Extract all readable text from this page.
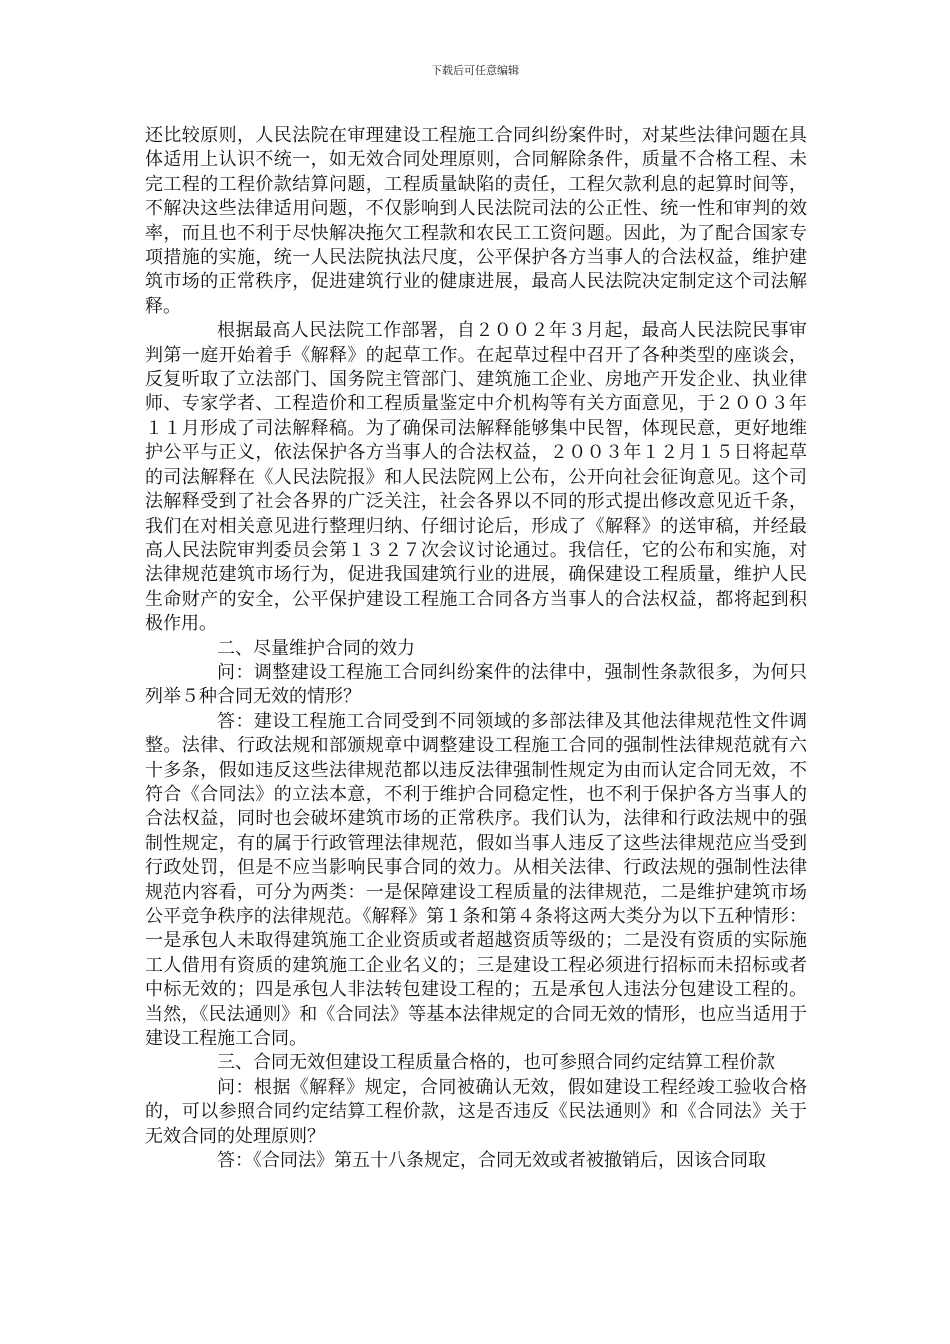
下载后可任意编辑

还比较原则，人民法院在审理建设工程施工合同纠纷案件时，对某些法律问题在具体适用上认识不统一，如无效合同处理原则，合同解除条件，质量不合格工程、未完工程的工程价款结算问题，工程质量缺陷的责任，工程欠款利息的起算时间等，不解决这些法律适用问题，不仅影响到人民法院司法的公正性、统一性和审判的效率，而且也不利于尽快解决拖欠工程款和农民工工资问题。因此，为了配合国家专项措施的实施，统一人民法院执法尺度，公平保护各方当事人的合法权益，维护建筑市场的正常秩序，促进建筑行业的健康进展，最高人民法院决定制定这个司法解释。

根据最高人民法院工作部署，自２００２年３月起，最高人民法院民事审判第一庭开始着手《解释》的起草工作。在起草过程中召开了各种类型的座谈会，反复听取了立法部门、国务院主管部门、建筑施工企业、房地产开发企业、执业律师、专家学者、工程造价和工程质量鉴定中介机构等有关方面意见，于２００３年１１月形成了司法解释稿。为了确保司法解释能够集中民智，体现民意，更好地维护公平与正义，依法保护各方当事人的合法权益，２００３年１２月１５日将起草的司法解释在《人民法院报》和人民法院网上公布，公开向社会征询意见。这个司法解释受到了社会各界的广泛关注，社会各界以不同的形式提出修改意见近千条，我们在对相关意见进行整理归纳、仔细讨论后，形成了《解释》的送审稿，并经最高人民法院审判委员会第１３２７次会议讨论通过。我信任，它的公布和实施，对法律规范建筑市场行为，促进我国建筑行业的进展，确保建设工程质量，维护人民生命财产的安全，公平保护建设工程施工合同各方当事人的合法权益，都将起到积极作用。

二、尽量维护合同的效力

问：调整建设工程施工合同纠纷案件的法律中，强制性条款很多，为何只列举５种合同无效的情形？

答：建设工程施工合同受到不同领域的多部法律及其他法律规范性文件调整。法律、行政法规和部颁规章中调整建设工程施工合同的强制性法律规范就有六十多条，假如违反这些法律规范都以违反法律强制性规定为由而认定合同无效，不符合《合同法》的立法本意，不利于维护合同稳定性，也不利于保护各方当事人的合法权益，同时也会破坏建筑市场的正常秩序。我们认为，法律和行政法规中的强制性规定，有的属于行政管理法律规范，假如当事人违反了这些法律规范应当受到行政处罚，但是不应当影响民事合同的效力。从相关法律、行政法规的强制性法律规范内容看，可分为两类：一是保障建设工程质量的法律规范，二是维护建筑市场公平竞争秩序的法律规范。《解释》第１条和第４条将这两大类分为以下五种情形：一是承包人未取得建筑施工企业资质或者超越资质等级的；二是没有资质的实际施工人借用有资质的建筑施工企业名义的；三是建设工程必须进行招标而未招标或者中标无效的；四是承包人非法转包建设工程的；五是承包人违法分包建设工程的。当然，《民法通则》和《合同法》等基本法律规定的合同无效的情形，也应当适用于建设工程施工合同。

三、合同无效但建设工程质量合格的，也可参照合同约定结算工程价款

问：根据《解释》规定，合同被确认无效，假如建设工程经竣工验收合格的，可以参照合同约定结算工程价款，这是否违反《民法通则》和《合同法》关于无效合同的处理原则？

答：《合同法》第五十八条规定，合同无效或者被撤销后，因该合同取
